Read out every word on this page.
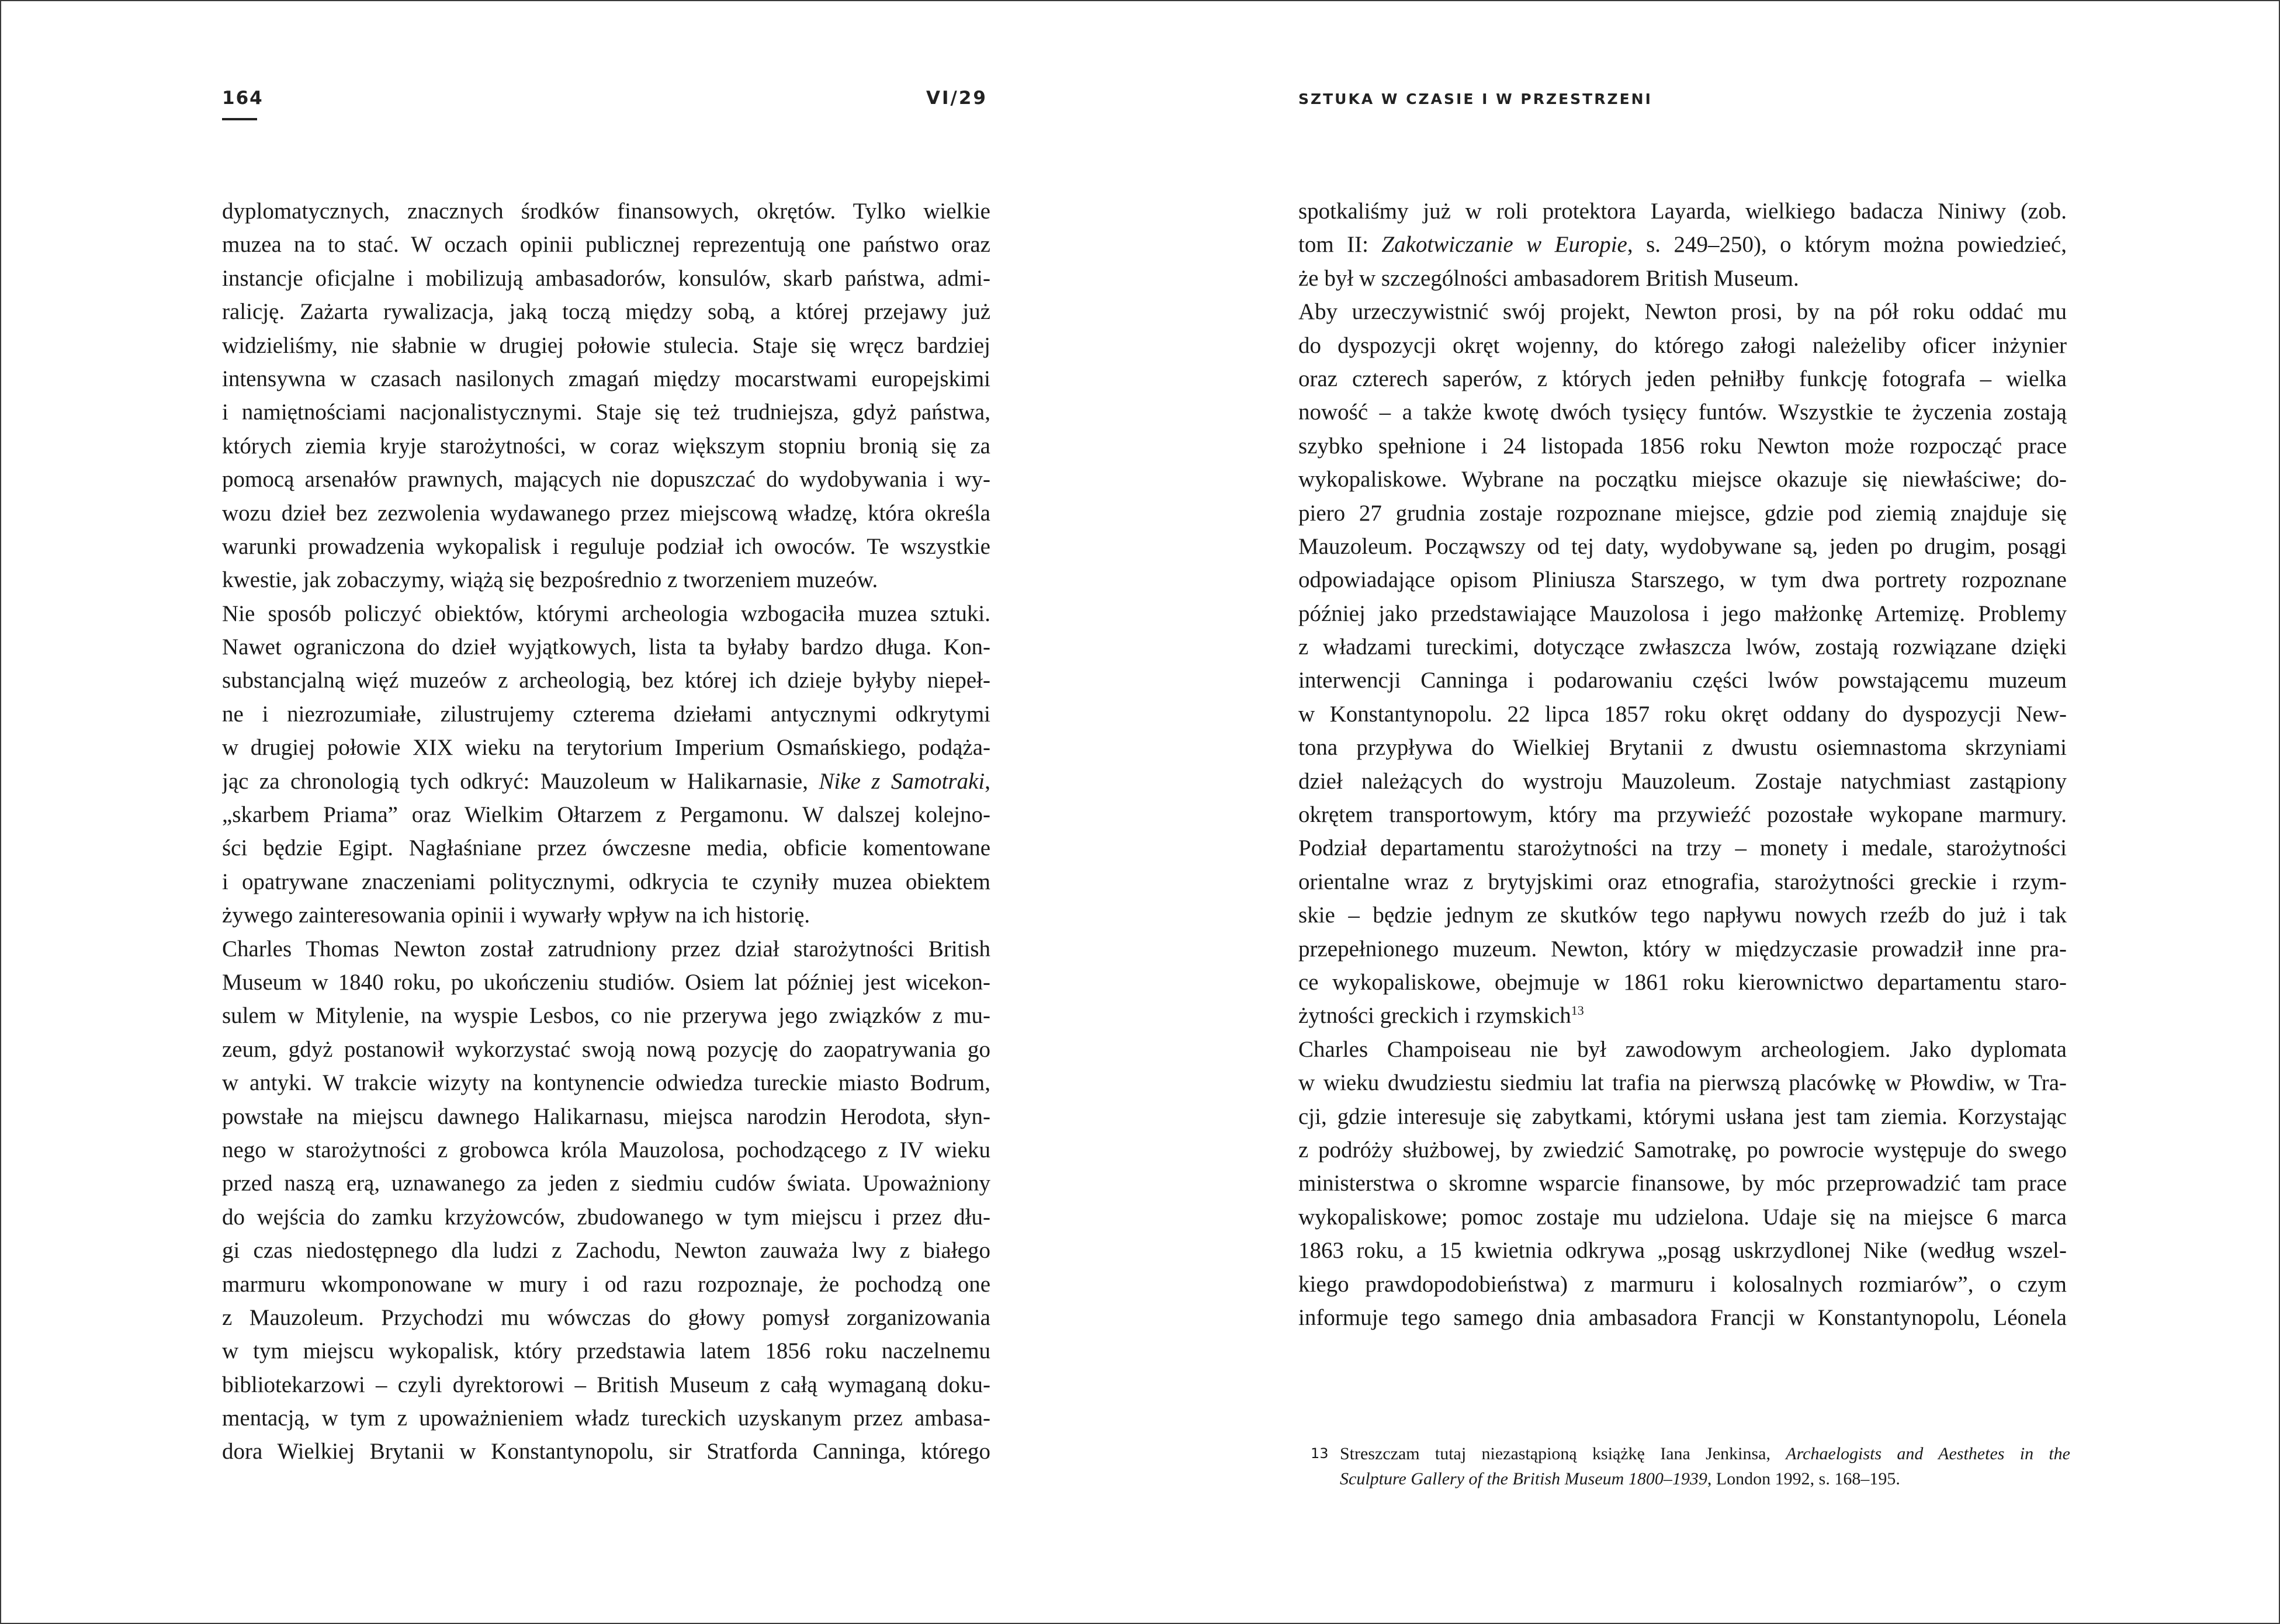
164	VI/29	SZTUKA W CZASIE I W PRZESTRZENI
dyplomatycznych, znacznych środków finansowych, okrętów. Tylko wielkie
muzea na to stać. W oczach opinii publicznej reprezentują one państwo oraz
instancje oficjalne i mobilizują ambasadorów, konsulów, skarb państwa, admi-
ralicję. Zażarta rywalizacja, jaką toczą między sobą, a której przejawy już
widzieliśmy, nie słabnie w drugiej połowie stulecia. Staje się wręcz bardziej
intensywna w czasach nasilonych zmagań między mocarstwami europejskimi
i namiętnościami nacjonalistycznymi. Staje się też trudniejsza, gdyż państwa,
których ziemia kryje starożytności, w coraz większym stopniu bronią się za
pomocą arsenałów prawnych, mających nie dopuszczać do wydobywania i wy-
wozu dzieł bez zezwolenia wydawanego przez miejscową władzę, która określa
warunki prowadzenia wykopalisk i reguluje podział ich owoców. Te wszystkie
kwestie, jak zobaczymy, wiążą się bezpośrednio z tworzeniem muzeów.
Nie sposób policzyć obiektów, którymi archeologia wzbogaciła muzea sztuki.
Nawet ograniczona do dzieł wyjątkowych, lista ta byłaby bardzo długa. Kon-
substancjalną więź muzeów z archeologią, bez której ich dzieje byłyby niepeł-
ne i niezrozumiałe, zilustrujemy czterema dziełami antycznymi odkrytymi
w drugiej połowie XIX wieku na terytorium Imperium Osmańskiego, podąża-
jąc za chronologią tych odkryć: Mauzoleum w Halikarnasie, Nike z Samotraki,
„skarbem Priama” oraz Wielkim Ołtarzem z Pergamonu. W dalszej kolejno-
ści będzie Egipt. Nagłaśniane przez ówczesne media, obficie komentowane
i opatrywane znaczeniami politycznymi, odkrycia te czyniły muzea obiektem
żywego zainteresowania opinii i wywarły wpływ na ich historię.
Charles Thomas Newton został zatrudniony przez dział starożytności British
Museum w 1840 roku, po ukończeniu studiów. Osiem lat później jest wicekon-
sulem w Mitylenie, na wyspie Lesbos, co nie przerywa jego związków z mu-
zeum, gdyż postanowił wykorzystać swoją nową pozycję do zaopatrywania go
w antyki. W trakcie wizyty na kontynencie odwiedza tureckie miasto Bodrum,
powstałe na miejscu dawnego Halikarnasu, miejsca narodzin Herodota, słyn-
nego w starożytności z grobowca króla Mauzolosa, pochodzącego z IV wieku
przed naszą erą, uznawanego za jeden z siedmiu cudów świata. Upoważniony
do wejścia do zamku krzyżowców, zbudowanego w tym miejscu i przez dłu-
gi czas niedostępnego dla ludzi z Zachodu, Newton zauważa lwy z białego
marmuru wkomponowane w mury i od razu rozpoznaje, że pochodzą one
z Mauzoleum. Przychodzi mu wówczas do głowy pomysł zorganizowania
w tym miejscu wykopalisk, który przedstawia latem 1856 roku naczelnemu
bibliotekarzowi – czyli dyrektorowi – British Museum z całą wymaganą doku-
mentacją, w tym z upoważnieniem władz tureckich uzyskanym przez ambasa-
dora Wielkiej Brytanii w Konstantynopolu, sir Stratforda Canninga, którego
spotkaliśmy już w roli protektora Layarda, wielkiego badacza Niniwy (zob.
tom II: Zakotwiczanie w Europie, s. 249–250), o którym można powiedzieć,
że był w szczególności ambasadorem British Museum.
Aby urzeczywistnić swój projekt, Newton prosi, by na pół roku oddać mu
do dyspozycji okręt wojenny, do którego załogi należeliby oficer inżynier
oraz czterech saperów, z których jeden pełniłby funkcję fotografa – wielka
nowość – a także kwotę dwóch tysięcy funtów. Wszystkie te życzenia zostają
szybko spełnione i 24 listopada 1856 roku Newton może rozpocząć prace
wykopaliskowe. Wybrane na początku miejsce okazuje się niewłaściwe; do-
piero 27 grudnia zostaje rozpoznane miejsce, gdzie pod ziemią znajduje się
Mauzoleum. Począwszy od tej daty, wydobywane są, jeden po drugim, posągi
odpowiadające opisom Pliniusza Starszego, w tym dwa portrety rozpoznane
później jako przedstawiające Mauzolosa i jego małżonkę Artemizę. Problemy
z władzami tureckimi, dotyczące zwłaszcza lwów, zostają rozwiązane dzięki
interwencji Canninga i podarowaniu części lwów powstającemu muzeum
w Konstantynopolu. 22 lipca 1857 roku okręt oddany do dyspozycji New-
tona przypływa do Wielkiej Brytanii z dwustu osiemnastoma skrzyniami
dzieł należących do wystroju Mauzoleum. Zostaje natychmiast zastąpiony
okrętem transportowym, który ma przywieźć pozostałe wykopane marmury.
Podział departamentu starożytności na trzy – monety i medale, starożytności
orientalne wraz z brytyjskimi oraz etnografia, starożytności greckie i rzym-
skie – będzie jednym ze skutków tego napływu nowych rzeźb do już i tak
przepełnionego muzeum. Newton, który w międzyczasie prowadził inne pra-
ce wykopaliskowe, obejmuje w 1861 roku kierownictwo departamentu staro-
żytności greckich i rzymskich$^{13}$
Charles Champoiseau nie był zawodowym archeologiem. Jako dyplomata
w wieku dwudziestu siedmiu lat trafia na pierwszą placówkę w Płowdiw, w Tra-
cji, gdzie interesuje się zabytkami, którymi usłana jest tam ziemia. Korzystając
z podróży służbowej, by zwiedzić Samotrakę, po powrocie występuje do swego
ministerstwa o skromne wsparcie finansowe, by móc przeprowadzić tam prace
wykopaliskowe; pomoc zostaje mu udzielona. Udaje się na miejsce 6 marca
1863 roku, a 15 kwietnia odkrywa „posąg uskrzydlonej Nike (według wszel-
kiego prawdopodobieństwa) z marmuru i kolosalnych rozmiarów”, o czym
informuje tego samego dnia ambasadora Francji w Konstantynopolu, Léonela
13 Streszczam tutaj niezastąpioną książkę Iana Jenkinsa, Archaelogists and Aesthetes in the
Sculpture Gallery of the British Museum 1800–1939, London 1992, s. 168–195.
